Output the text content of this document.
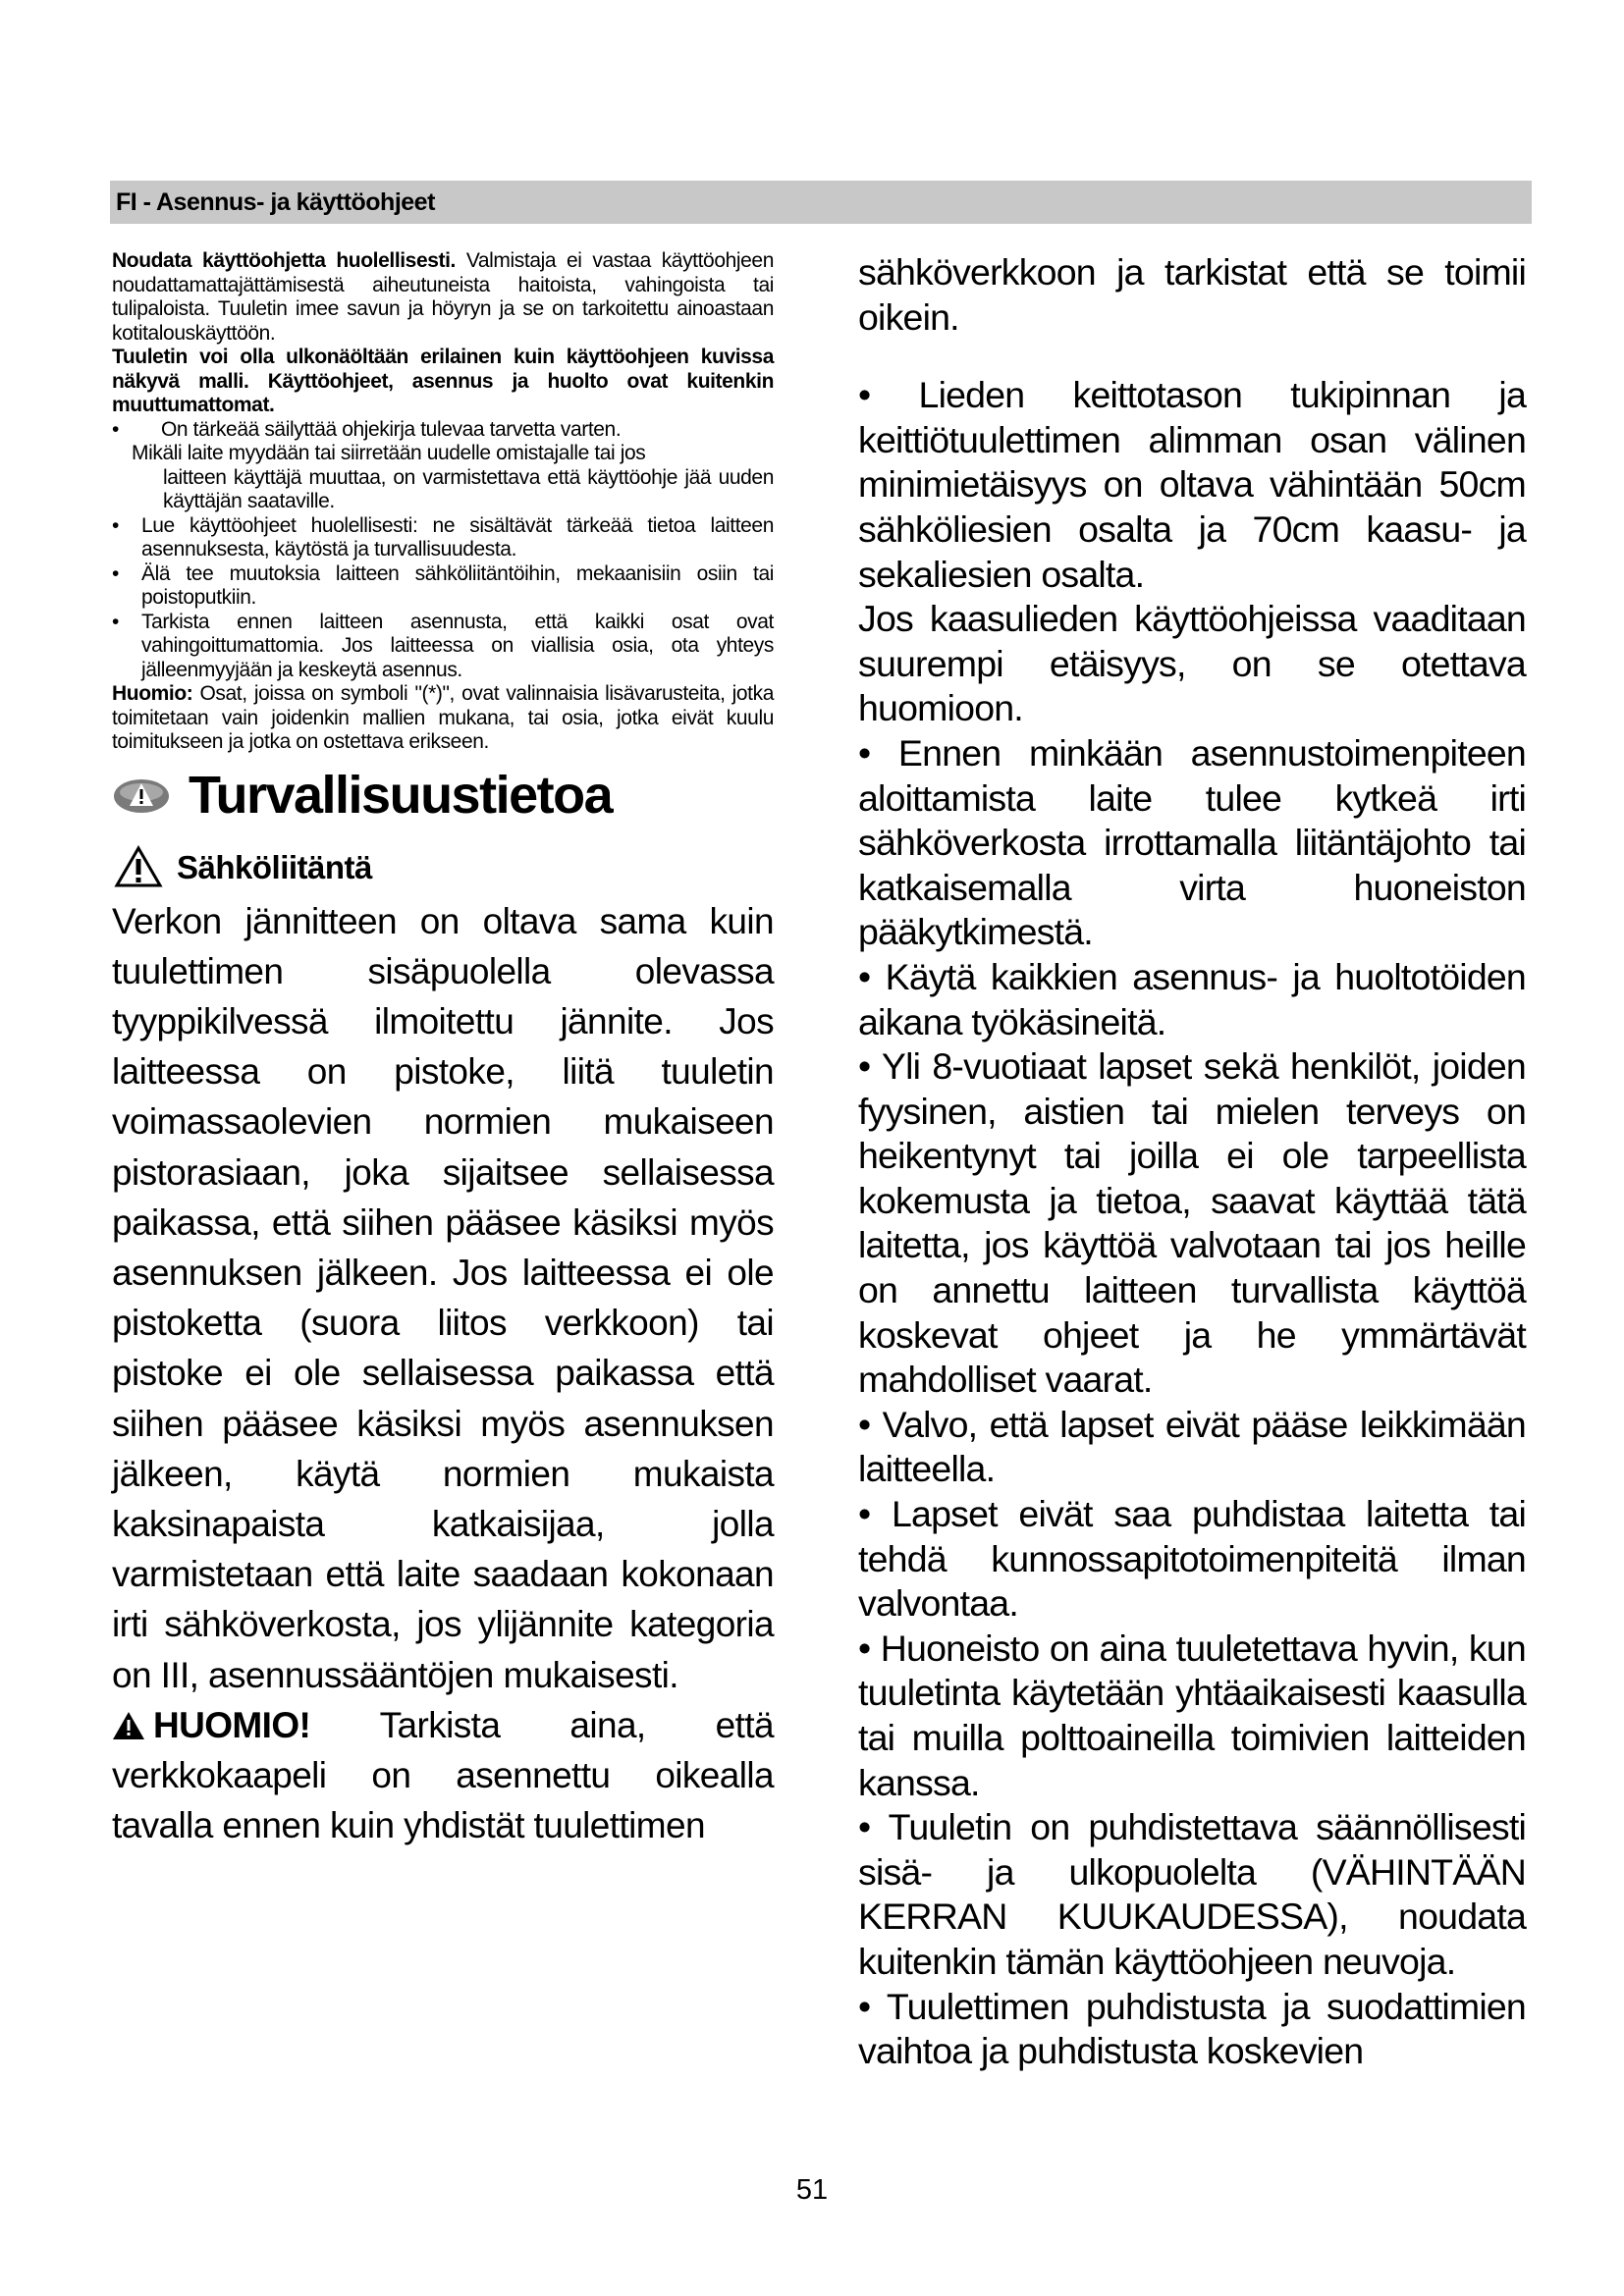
FI - Asennus- ja käyttöohjeet

Noudata käyttöohjetta huolellisesti. Valmistaja ei vastaa käyttöohjeen noudattamattajättämisestä aiheutuneista haitoista, vahingoista tai tulipaloista. Tuuletin imee savun ja höyryn ja se on tarkoitettu ainoastaan kotitalouskäyttöön.

Tuuletin voi olla ulkonäöltään erilainen kuin käyttöohjeen kuvissa näkyvä malli. Käyttöohjeet, asennus ja huolto ovat kuitenkin muuttumattomat.

• On tärkeää säilyttää ohjekirja tulevaa tarvetta varten.

Mikäli laite myydään tai siirretään uudelle omistajalle tai jos

laitteen käyttäjä muuttaa, on varmistettava että käyttöohje jää uuden käyttäjän saataville.

• Lue käyttöohjeet huolellisesti: ne sisältävät tärkeää tietoa laitteen asennuksesta, käytöstä ja turvallisuudesta.

• Älä tee muutoksia laitteen sähköliitäntöihin, mekaanisiin osiin tai poistoputkiin.

• Tarkista ennen laitteen asennusta, että kaikki osat ovat vahingoittumattomia. Jos laitteessa on viallisia osia, ota yhteys jälleenmyyjään ja keskeytä asennus.

Huomio: Osat, joissa on symboli "(*)", ovat valinnaisia lisävarusteita, jotka toimitetaan vain joidenkin mallien mukana, tai osia, jotka eivät kuulu toimitukseen ja jotka on ostettava erikseen.

Turvallisuustietoa
Sähköliitäntä

Verkon jännitteen on oltava sama kuin tuulettimen sisäpuolella olevassa tyyppikilvessä ilmoitettu jännite. Jos laitteessa on pistoke, liitä tuuletin voimassaolevien normien mukaiseen pistorasiaan, joka sijaitsee sellaisessa paikassa, että siihen pääsee käsiksi myös asennuksen jälkeen. Jos laitteessa ei ole pistoketta (suora liitos verkkoon) tai pistoke ei ole sellaisessa paikassa että siihen pääsee käsiksi myös asennuksen jälkeen, käytä normien mukaista kaksinapaista katkaisijaa, jolla varmistetaan että laite saadaan kokonaan irti sähköverkosta, jos ylijännite kategoria on III, asennussääntöjen mukaisesti.

HUOMIO! Tarkista aina, että verkkokaapeli on asennettu oikealla tavalla ennen kuin yhdistät tuulettimen

sähköverkkoon ja tarkistat että se toimii oikein.

• Lieden keittotason tukipinnan ja keittiötuulettimen alimman osan välinen minimietäisyys on oltava vähintään 50cm sähköliesien osalta ja 70cm kaasu- ja sekaliesien osalta.

Jos kaasulieden käyttöohjeissa vaaditaan suurempi etäisyys, on se otettava huomioon.

• Ennen minkään asennustoimenpiteen aloittamista laite tulee kytkeä irti sähköverkosta irrottamalla liitäntäjohto tai katkaisemalla virta huoneiston pääkytkimestä.

• Käytä kaikkien asennus- ja huoltotöiden aikana työkäsineitä.

• Yli 8-vuotiaat lapset sekä henkilöt, joiden fyysinen, aistien tai mielen terveys on heikentynyt tai joilla ei ole tarpeellista kokemusta ja tietoa, saavat käyttää tätä laitetta, jos käyttöä valvotaan tai jos heille on annettu laitteen turvallista käyttöä koskevat ohjeet ja he ymmärtävät mahdolliset vaarat.

• Valvo, että lapset eivät pääse leikkimään laitteella.

• Lapset eivät saa puhdistaa laitetta tai tehdä kunnossapitotoimenpiteitä ilman valvontaa.

• Huoneisto on aina tuuletettava hyvin, kun tuuletinta käytetään yhtäaikaisesti kaasulla tai muilla polttoaineilla toimivien laitteiden kanssa.

• Tuuletin on puhdistettava säännöllisesti sisä- ja ulkopuolelta (VÄHINTÄÄN KERRAN KUUKAUDESSA), noudata kuitenkin tämän käyttöohjeen neuvoja.

• Tuulettimen puhdistusta ja suodattimien vaihtoa ja puhdistusta koskevien

51
